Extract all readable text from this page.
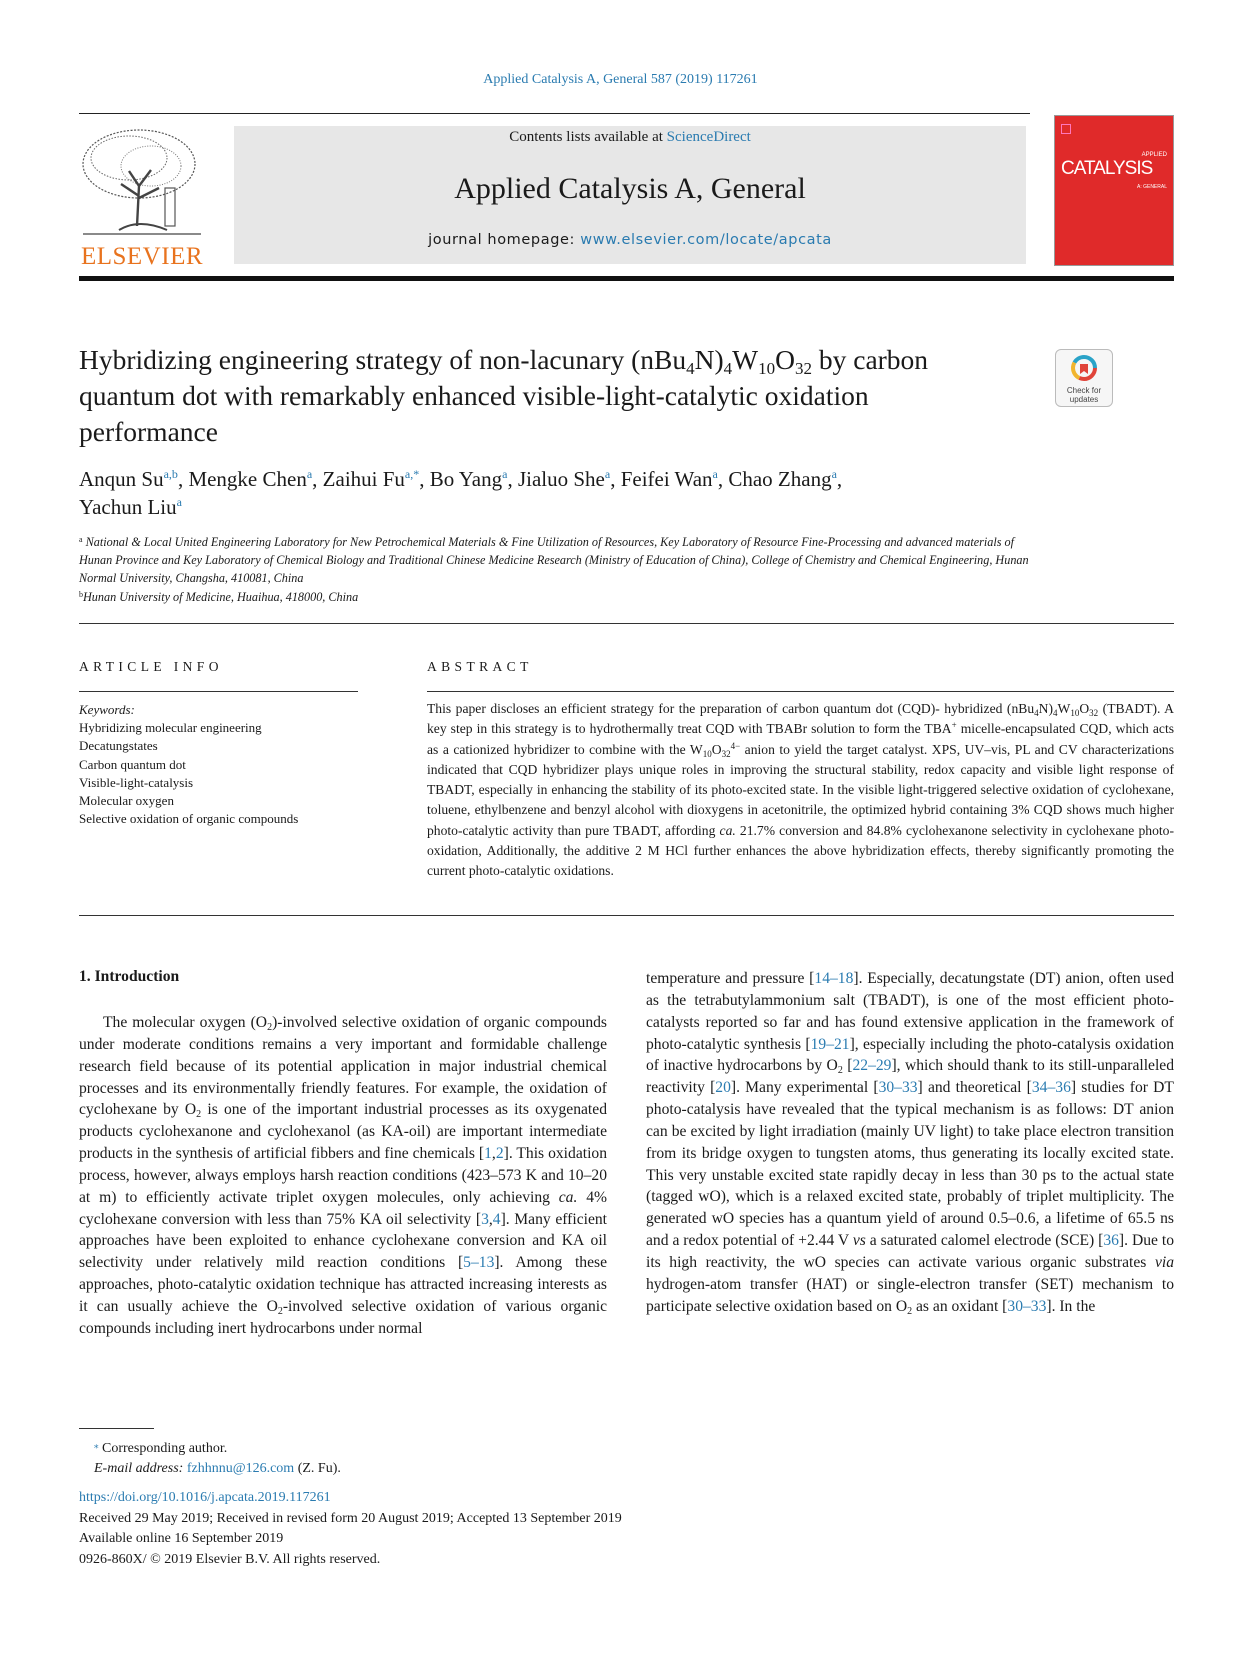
Applied Catalysis A, General 587 (2019) 117261
ELSEVIER
Contents lists available at ScienceDirect
Applied Catalysis A, General
journal homepage: www.elsevier.com/locate/apcata
APPLIED
CATALYSIS
A: GENERAL
Hybridizing engineering strategy of non-lacunary $(nBu_4N)_4W_{10}O_{32}$ by carbon quantum dot with remarkably enhanced visible-light-catalytic oxidation performance
Check for
updates
Anqun Su$^{a,b}$, Mengke Chen$^a$, Zaihui $Fu^{a,*}$, Bo Yang$^a$, Jialuo She$^a$, Feifei Wan$^a$, Chao Zhang$^a$,
Yachun Liu$^a$
$^a$ National & Local United Engineering Laboratory for New Petrochemical Materials & Fine Utilization of Resources, Key Laboratory of Resource Fine-Processing and advanced materials of Hunan Province and Key Laboratory of Chemical Biology and Traditional Chinese Medicine Research (Ministry of Education of China), College of Chemistry and Chemical Engineering, Hunan Normal University, Changsha, 410081, China
$^b$Hunan University of Medicine, Huaihua, 418000, China
ARTICLE INFO
Keywords:
Hybridizing molecular engineering
Decatungstates
Carbon quantum dot
Visible-light-catalysis
Molecular oxygen
Selective oxidation of organic compounds
ABSTRACT
This paper discloses an efficient strategy for the preparation of carbon quantum dot (CQD)- hybridized $(nBu_4N)_4W_{10}O_{32}$ (TBADT). A key step in this strategy is to hydrothermally treat CQD with TBABr solution to form the TBA+ micelle-encapsulated CQD, which acts as a cationized hybridizer to combine with the $W_{10}O_{32}^{4-}$ anion to yield the target catalyst. XPS, UV–vis, PL and CV characterizations indicated that CQD hybridizer plays unique roles in improving the structural stability, redox capacity and visible light response of TBADT, especially in enhancing the stability of its photo-excited state. In the visible light-triggered selective oxidation of cyclohexane, toluene, ethylbenzene and benzyl alcohol with dioxygens in acetonitrile, the optimized hybrid containing 3% CQD shows much higher photo-catalytic activity than pure TBADT, affording ca. 21.7% conversion and 84.8% cyclohexanone selectivity in cyclohexane photo-oxidation, Additionally, the additive 2 M HCl further enhances the above hybridization effects, thereby significantly promoting the current photo-catalytic oxidations.
1. Introduction
The molecular oxygen $(O_2)$-involved selective oxidation of organic compounds under moderate conditions remains a very important and formidable challenge research field because of its potential application in major industrial chemical processes and its environmentally friendly features. For example, the oxidation of cyclohexane by $O_2$ is one of the important industrial processes as its oxygenated products cyclohexanone and cyclohexanol (as KA-oil) are important intermediate products in the synthesis of artificial fibbers and fine chemicals [1,2]. This oxidation process, however, always employs harsh reaction conditions (423–573 K and 10–20 at m) to efficiently activate triplet oxygen molecules, only achieving ca. 4% cyclohexane conversion with less than 75% KA oil selectivity [3,4]. Many efficient approaches have been exploited to enhance cyclohexane conversion and KA oil selectivity under relatively mild reaction conditions [5–13]. Among these approaches, photo-catalytic oxidation technique has attracted increasing interests as it can usually achieve the $O_2$-involved selective oxidation of various organic compounds including inert hydrocarbons under normal
temperature and pressure [14–18]. Especially, decatungstate (DT) anion, often used as the tetrabutylammonium salt (TBADT), is one of the most efficient photo-catalysts reported so far and has found extensive application in the framework of photo-catalytic synthesis [19–21], especially including the photo-catalysis oxidation of inactive hydrocarbons by $O_2$ [22–29], which should thank to its still-unparalleled reactivity [20]. Many experimental [30–33] and theoretical [34–36] studies for DT photo-catalysis have revealed that the typical mechanism is as follows: DT anion can be excited by light irradiation (mainly UV light) to take place electron transition from its bridge oxygen to tungsten atoms, thus generating its locally excited state. This very unstable excited state rapidly decay in less than 30 ps to the actual state (tagged wO), which is a relaxed excited state, probably of triplet multiplicity. The generated wO species has a quantum yield of around 0.5–0.6, a lifetime of 65.5 ns and a redox potential of +2.44 V vs a saturated calomel electrode (SCE) [36]. Due to its high reactivity, the wO species can activate various organic substrates via hydrogen-atom transfer (HAT) or single-electron transfer (SET) mechanism to participate selective oxidation based on $O_2$ as an oxidant [30–33]. In the
⁎ Corresponding author.
E-mail address: fzhhnnu@126.com (Z. Fu).
https://doi.org/10.1016/j.apcata.2019.117261
Received 29 May 2019; Received in revised form 20 August 2019; Accepted 13 September 2019
Available online 16 September 2019
0926-860X/ © 2019 Elsevier B.V. All rights reserved.
